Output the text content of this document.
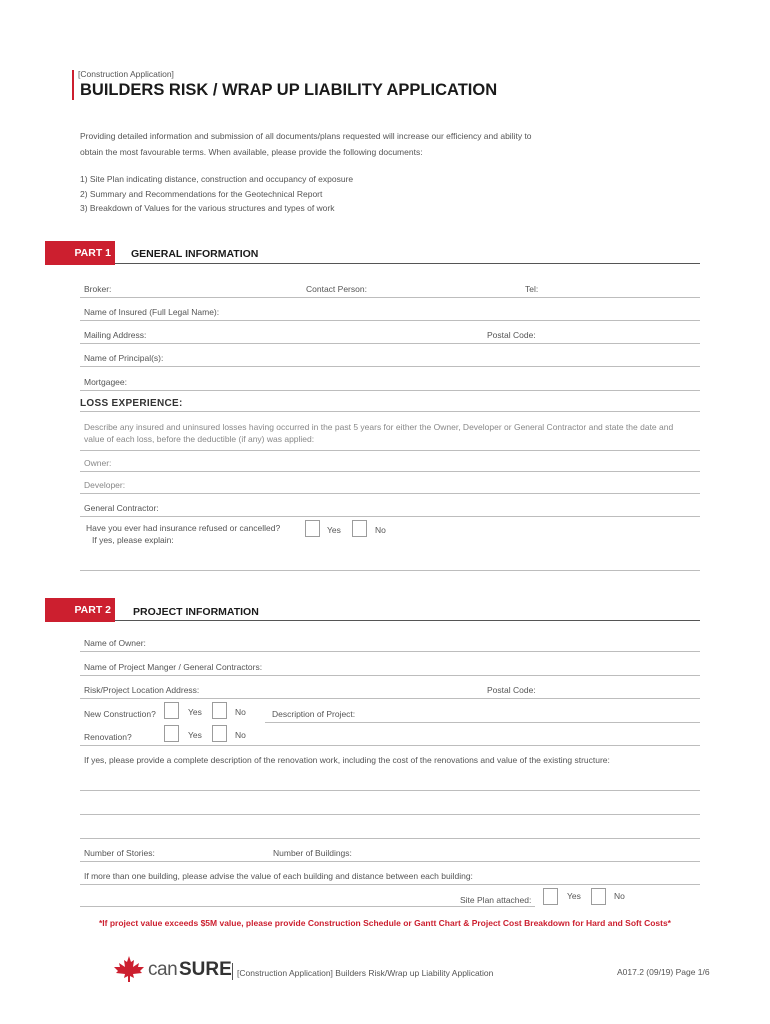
[Construction Application]
BUILDERS RISK / WRAP UP LIABILITY APPLICATION
Providing detailed information and submission of all documents/plans requested will increase our efficiency and ability to
obtain the most favourable terms. When available, please provide the following documents:
1) Site Plan indicating distance, construction and occupancy of exposure
2) Summary and Recommendations for the Geotechnical Report
3) Breakdown of Values for the various structures and types of work
PART 1	GENERAL INFORMATION
Broker:	Contact Person:	Tel:
Name of Insured (Full Legal Name):
Mailing Address:	Postal Code:
Name of Principal(s):
Mortgagee:
LOSS EXPERIENCE:
Describe any insured and uninsured losses having occurred in the past 5 years for either the Owner, Developer or General Contractor and state the date and
value of each loss, before the deductible (if any) was applied:
Owner:
Developer:
General Contractor:
Have you ever had insurance refused or cancelled?
If yes, please explain:
Yes	No
PART 2	PROJECT INFORMATION
Name of Owner:
Name of Project Manger / General Contractors:
Risk/Project Location Address:	Postal Code:
New Construction?	Yes	No	Description of Project:
Renovation?	Yes	No
If yes, please provide a complete description of the renovation work, including the cost of the renovations and value of the existing structure:
Number of Stories:	Number of Buildings:
If more than one building, please advise the value of each building and distance between each building:
Site Plan attached:	Yes	No
*If project value exceeds $5M value, please provide Construction Schedule or Gantt Chart & Project Cost Breakdown for Hard and Soft Costs*
can SURE [Construction Application] Builders Risk/Wrap up Liability Application	A017.2 (09/19) Page 1/6
